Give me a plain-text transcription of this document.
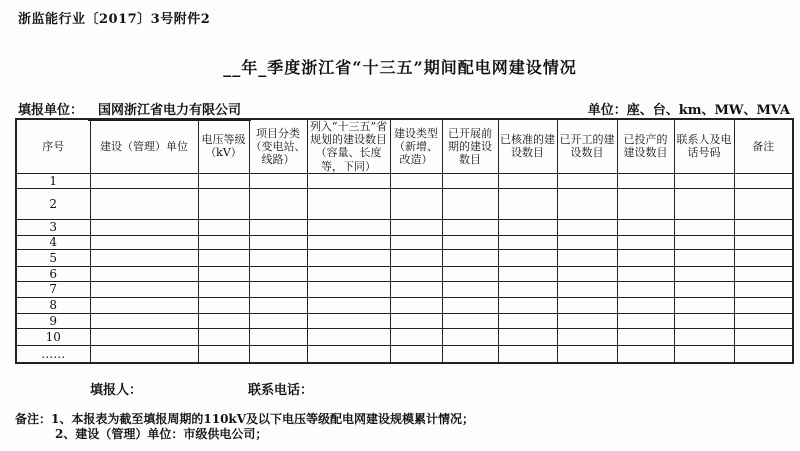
浙监能行业〔2017〕3号附件2
__年_季度浙江省“十三五”期间配电网建设情况
填报单位：	国网浙江省电力有限公司	单位：座、台、km、MW、MVA
序号	建设（管理）单位	电压等级（kV）	项目分类（变电站、线路）	列入“十三五”省规划的建设数目（容量、长度等，下同）	建设类型（新增、改造）	已开展前期的建设数目	已核准的建设数目	已开工的建设数目	已投产的建设数目	联系人及电话号码	备注
1											
2											
3											
4											
5											
6											
7											
8											
9											
10											
……											
填报人：	联系电话：
备注：1、本报表为截至填报周期的110kV及以下电压等级配电网建设规模累计情况；
2、建设（管理）单位：市级供电公司；
